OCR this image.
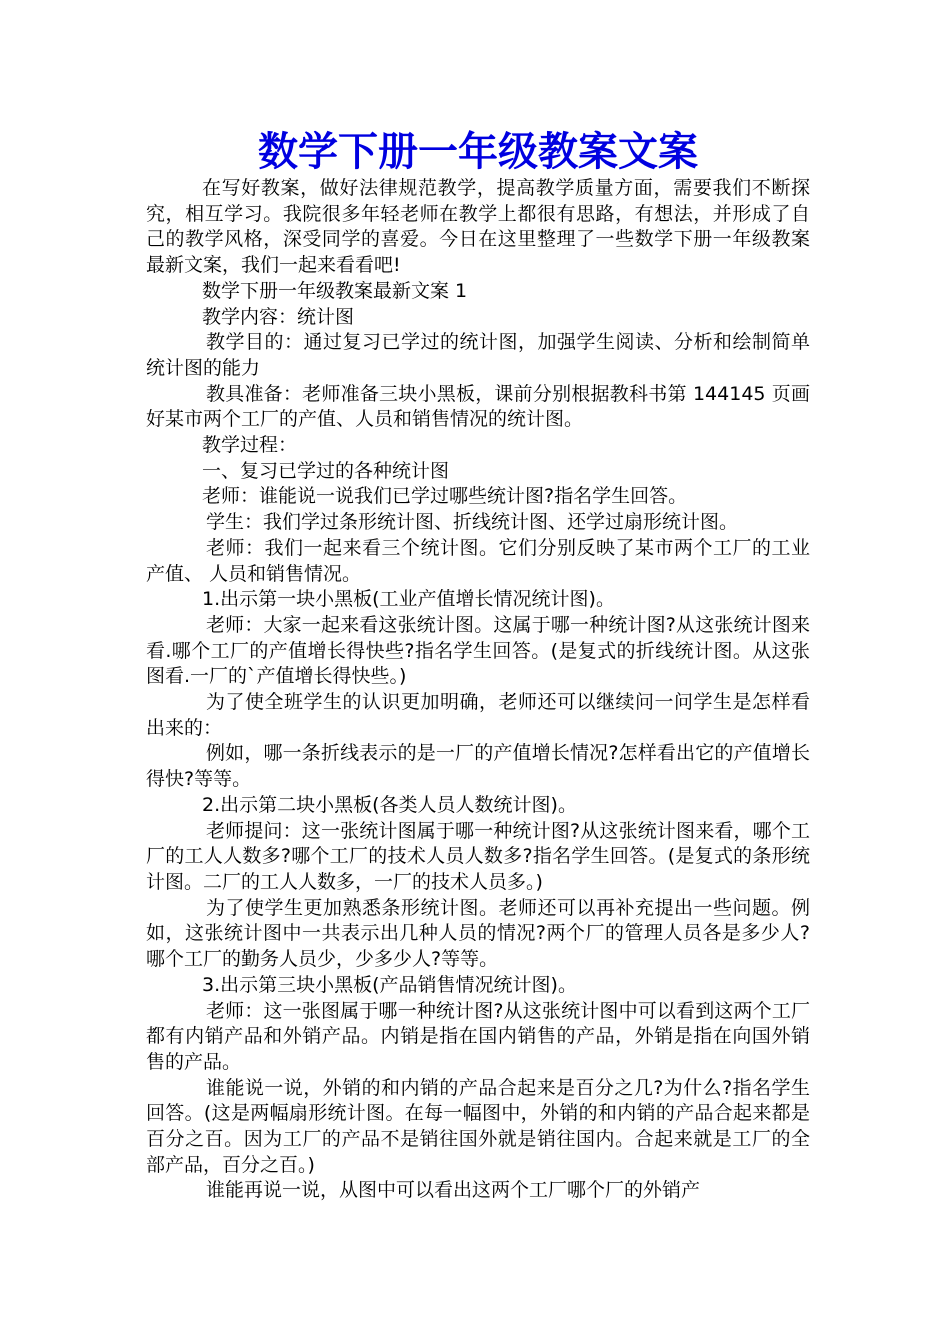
数学下册一年级教案文案

在写好教案，做好法律规范教学，提高教学质量方面，需要我们不断探究，相互学习。我院很多年轻老师在教学上都很有思路，有想法，并形成了自己的教学风格，深受同学的喜爱。今日在这里整理了一些数学下册一年级教案最新文案，我们一起来看看吧!

数学下册一年级教案最新文案 1

教学内容：统计图

教学目的：通过复习已学过的统计图，加强学生阅读、分析和绘制简单统计图的能力

教具准备：老师准备三块小黑板，课前分别根据教科书第 144145 页画好某市两个工厂的产值、人员和销售情况的统计图。

教学过程：

一、复习已学过的各种统计图

老师：谁能说一说我们已学过哪些统计图?指名学生回答。

学生：我们学过条形统计图、折线统计图、还学过扇形统计图。

老师：我们一起来看三个统计图。它们分别反映了某市两个工厂的工业产值、 人员和销售情况。

1.出示第一块小黑板(工业产值增长情况统计图)。

老师：大家一起来看这张统计图。这属于哪一种统计图?从这张统计图来看.哪个工厂的产值增长得快些?指名学生回答。(是复式的折线统计图。从这张图看.一厂的`产值增长得快些。)

为了使全班学生的认识更加明确，老师还可以继续问一问学生是怎样看出来的：

例如，哪一条折线表示的是一厂的产值增长情况?怎样看出它的产值增长得快?等等。

2.出示第二块小黑板(各类人员人数统计图)。

老师提问：这一张统计图属于哪一种统计图?从这张统计图来看，哪个工厂的工人人数多?哪个工厂的技术人员人数多?指名学生回答。(是复式的条形统计图。二厂的工人人数多，一厂的技术人员多。)

为了使学生更加熟悉条形统计图。老师还可以再补充提出一些问题。例如，这张统计图中一共表示出几种人员的情况?两个厂的管理人员各是多少人?哪个工厂的勤务人员少，少多少人?等等。

3.出示第三块小黑板(产品销售情况统计图)。

老师：这一张图属于哪一种统计图?从这张统计图中可以看到这两个工厂都有内销产品和外销产品。内销是指在国内销售的产品，外销是指在向国外销售的产品。

谁能说一说，外销的和内销的产品合起来是百分之几?为什么?指名学生回答。(这是两幅扇形统计图。在每一幅图中，外销的和内销的产品合起来都是百分之百。因为工厂的产品不是销往国外就是销往国内。合起来就是工厂的全部产品，百分之百。)

谁能再说一说，从图中可以看出这两个工厂哪个厂的外销产
